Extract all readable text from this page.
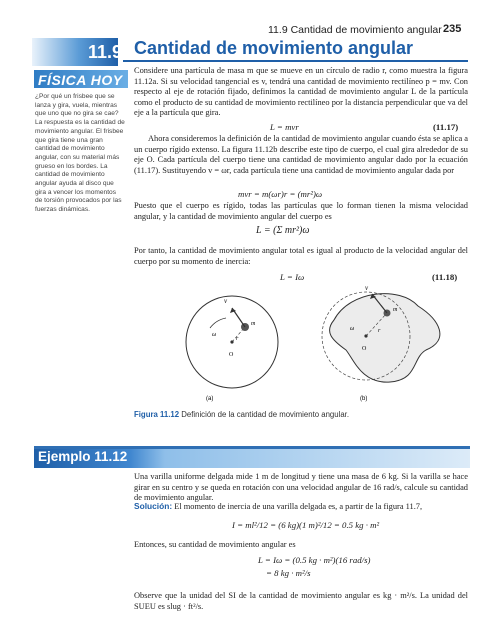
11.9 Cantidad de movimiento angular 235
11.9 Cantidad de movimiento angular
FÍSICA HOY
¿Por qué un frisbee que se lanza y gira, vuela, mientras que uno que no gira se cae? La respuesta es la cantidad de movimiento angular. El frisbee que gira tiene una gran cantidad de movimiento angular, con su material más grueso en los bordes. La cantidad de movimiento angular ayuda al disco que gira a vencer los momentos de torsión provocados por las fuerzas dinámicas.
Considere una partícula de masa m que se mueve en un círculo de radio r, como muestra la figura 11.12a. Si su velocidad tangencial es v, tendrá una cantidad de movimiento rectilíneo p = mv. Con respecto al eje de rotación fijado, definimos la cantidad de movimiento angular L de la partícula como el producto de su cantidad de movimiento rectilíneo por la distancia perpendicular que va del eje a la partícula que gira.
L = mvr	(11.17)
Ahora consideremos la definición de la cantidad de movimiento angular cuando ésta se aplica a un cuerpo rígido extenso. La figura 11.12b describe este tipo de cuerpo, el cual gira alrededor de su eje O. Cada partícula del cuerpo tiene una cantidad de movimiento angular dado por la ecuación (11.17). Sustituyendo v = ωr, cada partícula tiene una cantidad de movimiento angular dada por
mvr = m(ωr)r = (mr²)ω
Puesto que el cuerpo es rígido, todas las partículas que lo forman tienen la misma velocidad angular, y la cantidad de movimiento angular del cuerpo es
L = (Σ mr²)ω
Por tanto, la cantidad de movimiento angular total es igual al producto de la velocidad angular del cuerpo por su momento de inercia:
L = Iω	(11.18)
v
m
r
ω
O
(a)
v
m
r
ω
O
(b)
Figura 11.12 Definición de la cantidad de movimiento angular.
Ejemplo 11.12
Una varilla uniforme delgada mide 1 m de longitud y tiene una masa de 6 kg. Si la varilla se hace girar en su centro y se queda en rotación con una velocidad angular de 16 rad/s, calcule su cantidad de movimiento angular.
Solución: El momento de inercia de una varilla delgada es, a partir de la figura 11.7,
I = ml²/12 = (6 kg)(1 m)²/12 = 0.5 kg · m²
Entonces, su cantidad de movimiento angular es
L = Iω = (0.5 kg · m²)(16 rad/s)
= 8 kg · m²/s
Observe que la unidad del SI de la cantidad de movimiento angular es kg · m²/s. La unidad del SUEU es slug · ft²/s.
